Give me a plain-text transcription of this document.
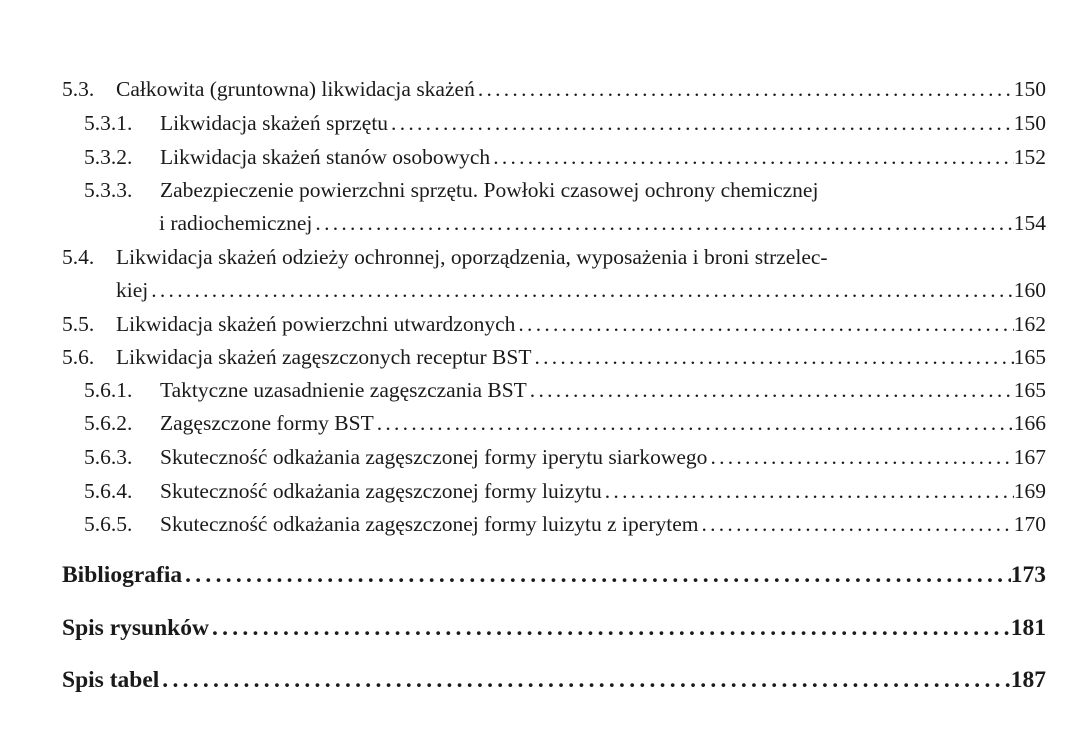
5.3.	Całkowita (gruntowna) likwidacja skażeń . . .	150
5.3.1.	Likwidacja skażeń sprzętu . . .	150
5.3.2.	Likwidacja skażeń stanów osobowych . . .	152
5.3.3. Zabezpieczenie powierzchni sprzętu. Powłoki czasowej ochrony chemicznej
i radiochemicznej . . .	154
5.4. Likwidacja skażeń odzieży ochronnej, oporządzenia, wyposażenia i broni strzelec-
kiej . . .	160
5.5.	Likwidacja skażeń powierzchni utwardzonych . . .	162
5.6.	Likwidacja skażeń zagęszczonych receptur BST . . .	165
5.6.1.	Taktyczne uzasadnienie zagęszczania BST . . .	165
5.6.2.	Zagęszczone formy BST . . .	166
5.6.3.	Skuteczność odkażania zagęszczonej formy iperytu siarkowego . . .	167
5.6.4.	Skuteczność odkażania zagęszczonej formy luizytu . . .	169
5.6.5.	Skuteczność odkażania zagęszczonej formy luizytu z iperytem . . .	170
Bibliografia . . .	173
Spis rysunków . . .	181
Spis tabel . . .	187
